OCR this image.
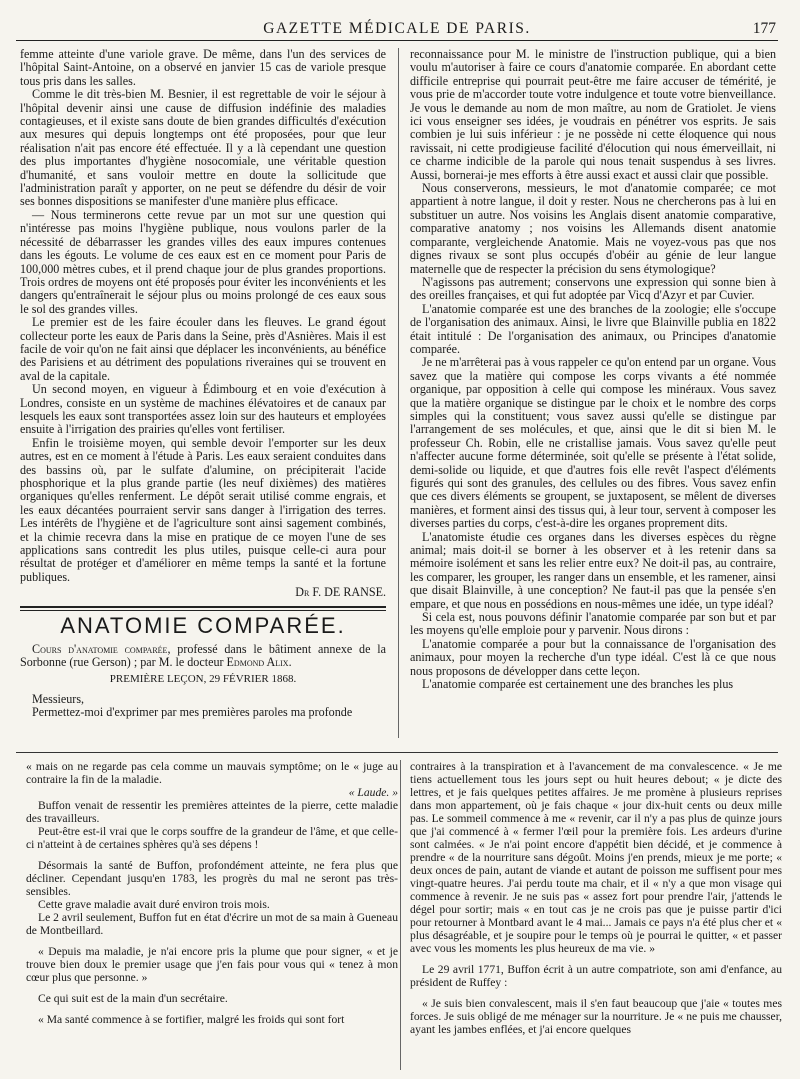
GAZETTE MÉDICALE DE PARIS.	177

femme atteinte d'une variole grave. De même, dans l'un des services de l'hôpital Saint-Antoine, on a observé en janvier 15 cas de variole presque tous pris dans les salles.

Comme le dit très-bien M. Besnier, il est regrettable de voir le séjour à l'hôpital devenir ainsi une cause de diffusion indéfinie des maladies contagieuses, et il existe sans doute de bien grandes difficultés d'exécution aux mesures qui depuis longtemps ont été proposées, pour que leur réalisation n'ait pas encore été effectuée. Il y a là cependant une question des plus importantes d'hygiène nosocomiale, une véritable question d'humanité, et sans vouloir mettre en doute la sollicitude que l'administration paraît y apporter, on ne peut se défendre du désir de voir ses bonnes dispositions se manifester d'une manière plus efficace.

— Nous terminerons cette revue par un mot sur une question qui n'intéresse pas moins l'hygiène publique, nous voulons parler de la nécessité de débarrasser les grandes villes des eaux impures contenues dans les égouts. Le volume de ces eaux est en ce moment pour Paris de 100,000 mètres cubes, et il prend chaque jour de plus grandes proportions. Trois ordres de moyens ont été proposés pour éviter les inconvénients et les dangers qu'entraînerait le séjour plus ou moins prolongé de ces eaux sous le sol des grandes villes.

Le premier est de les faire écouler dans les fleuves. Le grand égout collecteur porte les eaux de Paris dans la Seine, près d'Asnières. Mais il est facile de voir qu'on ne fait ainsi que déplacer les inconvénients, au bénéfice des Parisiens et au détriment des populations riveraines qui se trouvent en aval de la capitale.

Un second moyen, en vigueur à Édimbourg et en voie d'exécution à Londres, consiste en un système de machines élévatoires et de canaux par lesquels les eaux sont transportées assez loin sur des hauteurs et employées ensuite à l'irrigation des prairies qu'elles vont fertiliser.

Enfin le troisième moyen, qui semble devoir l'emporter sur les deux autres, est en ce moment à l'étude à Paris. Les eaux seraient conduites dans des bassins où, par le sulfate d'alumine, on précipiterait l'acide phosphorique et la plus grande partie (les neuf dixièmes) des matières organiques qu'elles renferment. Le dépôt serait utilisé comme engrais, et les eaux décantées pourraient servir sans danger à l'irrigation des terres. Les intérêts de l'hygiène et de l'agriculture sont ainsi sagement combinés, et la chimie recevra dans la mise en pratique de ce moyen l'une de ses applications sans contredit les plus utiles, puisque celle-ci aura pour résultat de protéger et d'améliorer en même temps la santé et la fortune publiques.

Dr F. DE RANSE.
ANATOMIE COMPARÉE.

Cours d'anatomie comparée, professé dans le bâtiment annexe de la Sorbonne (rue Gerson) ; par M. le docteur Edmond Alix.

PREMIÈRE LEÇON, 29 FÉVRIER 1868.

Messieurs,

Permettez-moi d'exprimer par mes premières paroles ma profonde

reconnaissance pour M. le ministre de l'instruction publique, qui a bien voulu m'autoriser à faire ce cours d'anatomie comparée. En abordant cette difficile entreprise qui pourrait peut-être me faire accuser de témérité, je vous prie de m'accorder toute votre indulgence et toute votre bienveillance. Je vous le demande au nom de mon maître, au nom de Gratiolet. Je viens ici vous enseigner ses idées, je voudrais en pénétrer vos esprits. Je sais combien je lui suis inférieur : je ne possède ni cette éloquence qui nous ravissait, ni cette prodigieuse facilité d'élocution qui nous émerveillait, ni ce charme indicible de la parole qui nous tenait suspendus à ses livres. Aussi, bornerai-je mes efforts à être aussi exact et aussi clair que possible.

Nous conserverons, messieurs, le mot d'anatomie comparée; ce mot appartient à notre langue, il doit y rester. Nous ne chercherons pas à lui en substituer un autre. Nos voisins les Anglais disent anatomie comparative, comparative anatomy ; nos voisins les Allemands disent anatomie comparante, vergleichende Anatomie. Mais ne voyez-vous pas que nos dignes rivaux se sont plus occupés d'obéir au génie de leur langue maternelle que de respecter la précision du sens étymologique?

N'agissons pas autrement; conservons une expression qui sonne bien à des oreilles françaises, et qui fut adoptée par Vicq d'Azyr et par Cuvier.

L'anatomie comparée est une des branches de la zoologie; elle s'occupe de l'organisation des animaux. Ainsi, le livre que Blainville publia en 1822 était intitulé : De l'organisation des animaux, ou Principes d'anatomie comparée.

Je ne m'arrêterai pas à vous rappeler ce qu'on entend par un organe. Vous savez que la matière qui compose les corps vivants a été nommée organique, par opposition à celle qui compose les minéraux. Vous savez que la matière organique se distingue par le choix et le nombre des corps simples qui la constituent; vous savez aussi qu'elle se distingue par l'arrangement de ses molécules, et que, ainsi que le dit si bien M. le professeur Ch. Robin, elle ne cristallise jamais. Vous savez qu'elle peut n'affecter aucune forme déterminée, soit qu'elle se présente à l'état solide, demi-solide ou liquide, et que d'autres fois elle revêt l'aspect d'éléments figurés qui sont des granules, des cellules ou des fibres. Vous savez enfin que ces divers éléments se groupent, se juxtaposent, se mêlent de diverses manières, et forment ainsi des tissus qui, à leur tour, servent à composer les diverses parties du corps, c'est-à-dire les organes proprement dits.

L'anatomiste étudie ces organes dans les diverses espèces du règne animal; mais doit-il se borner à les observer et à les retenir dans sa mémoire isolément et sans les relier entre eux? Ne doit-il pas, au contraire, les comparer, les grouper, les ranger dans un ensemble, et les ramener, ainsi que disait Blainville, à une conception? Ne faut-il pas que la pensée s'en empare, et que nous en possédions en nous-mêmes une idée, un type idéal?

Si cela est, nous pouvons définir l'anatomie comparée par son but et par les moyens qu'elle emploie pour y parvenir. Nous dirons :

L'anatomie comparée a pour but la connaissance de l'organisation des animaux, pour moyen la recherche d'un type idéal. C'est là ce que nous nous proposons de développer dans cette leçon.

L'anatomie comparée est certainement une des branches les plus

« mais on ne regarde pas cela comme un mauvais symptôme; on le « juge au contraire la fin de la maladie.

« Laude. »

Buffon venait de ressentir les premières atteintes de la pierre, cette maladie des travailleurs.

Peut-être est-il vrai que le corps souffre de la grandeur de l'âme, et que celle-ci n'atteint à de certaines sphères qu'à ses dépens !

Désormais la santé de Buffon, profondément atteinte, ne fera plus que décliner. Cependant jusqu'en 1783, les progrès du mal ne seront pas très-sensibles.

Cette grave maladie avait duré environ trois mois.

Le 2 avril seulement, Buffon fut en état d'écrire un mot de sa main à Gueneau de Montbeillard.

« Depuis ma maladie, je n'ai encore pris la plume que pour signer, « et je trouve bien doux le premier usage que j'en fais pour vous qui « tenez à mon cœur plus que personne. »

Ce qui suit est de la main d'un secrétaire.

« Ma santé commence à se fortifier, malgré les froids qui sont fort

contraires à la transpiration et à l'avancement de ma convalescence. « Je me tiens actuellement tous les jours sept ou huit heures debout; « je dicte des lettres, et je fais quelques petites affaires. Je me promène à plusieurs reprises dans mon appartement, où je fais chaque « jour dix-huit cents ou deux mille pas. Le sommeil commence à me « revenir, car il n'y a pas plus de quinze jours que j'ai commencé à « fermer l'œil pour la première fois. Les ardeurs d'urine sont calmées. « Je n'ai point encore d'appétit bien décidé, et je commence à prendre « de la nourriture sans dégoût. Moins j'en prends, mieux je me porte; « deux onces de pain, autant de viande et autant de poisson me suffisent pour mes vingt-quatre heures. J'ai perdu toute ma chair, et il « n'y a que mon visage qui commence à revenir. Je ne suis pas « assez fort pour prendre l'air, j'attends le dégel pour sortir; mais « en tout cas je ne crois pas que je puisse partir d'ici pour retourner à Montbard avant le 4 mai... Jamais ce pays n'a été plus cher et « plus désagréable, et je soupire pour le temps où je pourrai le quitter, « et passer avec vous les moments les plus heureux de ma vie. »

Le 29 avril 1771, Buffon écrit à un autre compatriote, son ami d'enfance, au président de Ruffey :

« Je suis bien convalescent, mais il s'en faut beaucoup que j'aie « toutes mes forces. Je suis obligé de me ménager sur la nourriture. Je « ne puis me chausser, ayant les jambes enflées, et j'ai encore quelques
